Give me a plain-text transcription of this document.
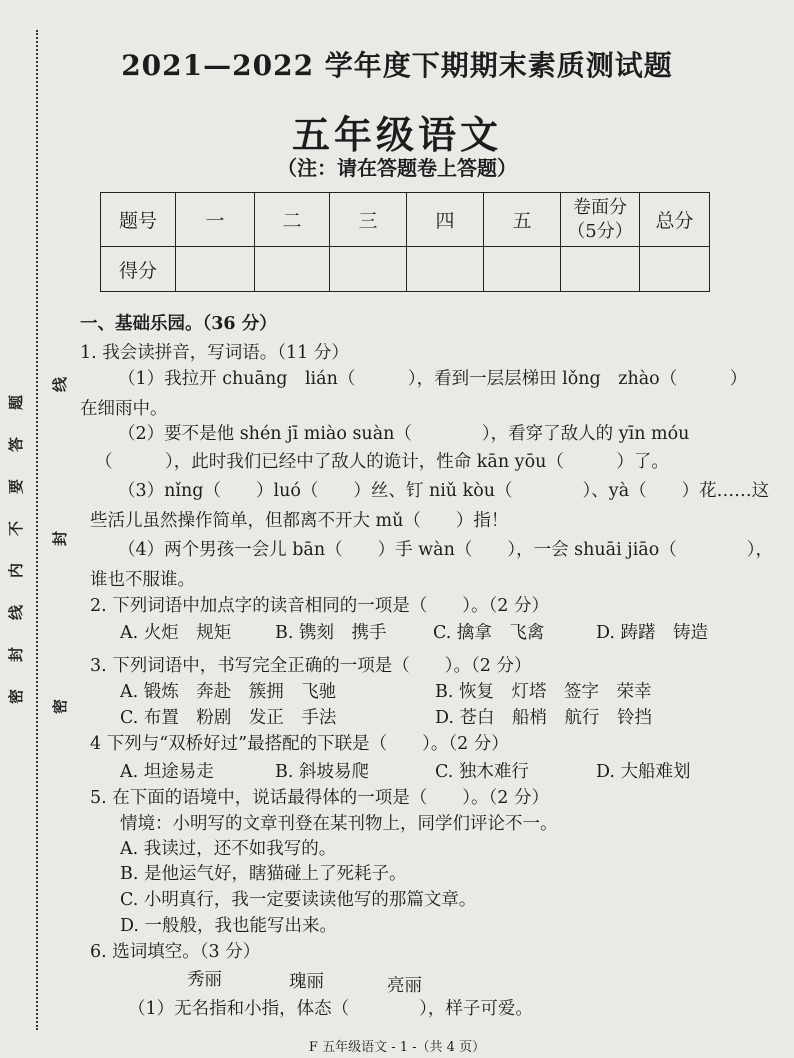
题
答
要
不
内
线
封
密
线
封
密
2021—2022 学年度下期期末素质测试题
五年级语文
（注：请在答题卷上答题）
题号	一	二	三	四	五	卷面分（5分）	总分
得分							
一、基础乐园。（36 分）
1. 我会读拼音，写词语。（11 分）
（1）我拉开 chuāng　lián（　　　），看到一层层梯田 lǒng　zhào（　　　）
在细雨中。
（2）要不是他 shén jī miào suàn（　　　　），看穿了敌人的 yīn móu
（　　　），此时我们已经中了敌人的诡计，性命 kān yōu（　　　）了。
（3）nǐng（　　）luó（　　）丝、钉 niǔ kòu（　　　　）、yà（　　）花……这
些活儿虽然操作简单，但都离不开大 mǔ（　　）指！
（4）两个男孩一会儿 bān（　　）手 wàn（　　），一会 shuāi jiāo（　　　　），
谁也不服谁。
2. 下列词语中加点字的读音相同的一项是（　　）。（2 分）
A. 火炬　规矩 B. 镌刻　携手	C. 擒拿　飞禽	D. 踌躇　铸造
3. 下列词语中，书写完全正确的一项是（　　）。（2 分）
A. 锻炼　奔赴　簇拥　飞驰	B. 恢复　灯塔　签字　荣幸
C. 布置　粉剧　发正　手法	D. 苍白　船梢　航行　铃挡
4 下列与“双桥好过”最搭配的下联是（　　）。（2 分）
A. 坦途易走	B. 斜坡易爬	C. 独木难行	D. 大船难划
5. 在下面的语境中，说话最得体的一项是（　　）。（2 分）
情境：小明写的文章刊登在某刊物上，同学们评论不一。
A. 我读过，还不如我写的。
B. 是他运气好，瞎猫碰上了死耗子。
C. 小明真行，我一定要读读他写的那篇文章。
D. 一般般，我也能写出来。
6. 选词填空。（3 分）
秀丽	瑰丽	亮丽
（1）无名指和小指，体态（　　　　），样子可爱。
F 五年级语文 - 1 -（共 4 页）
